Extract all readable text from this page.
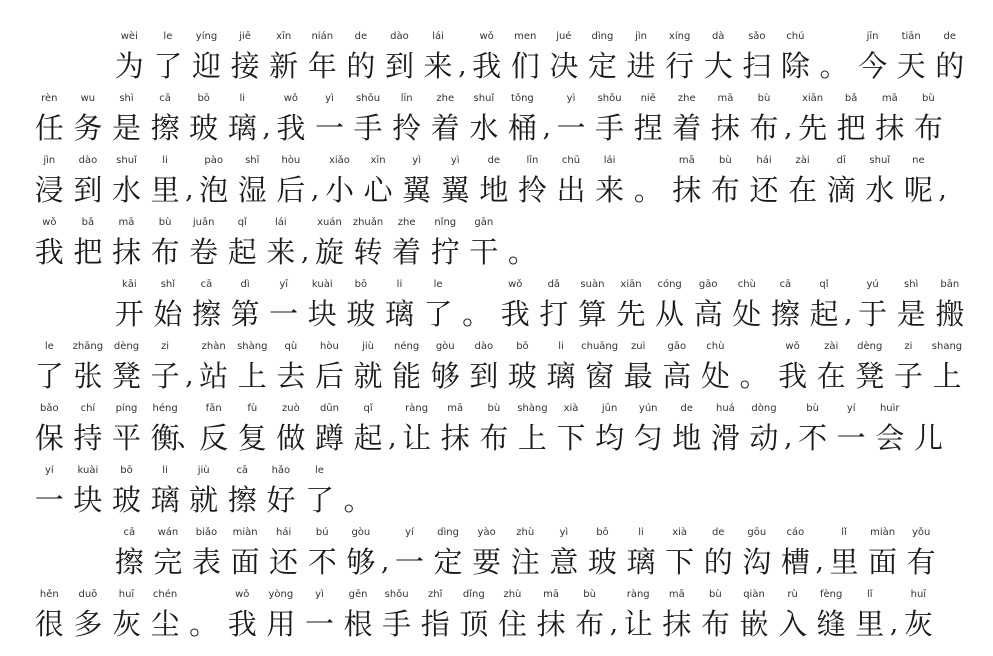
wèi
为
le
了
yíng
迎
jiē
接
xīn
新
nián
年
de
的
dào
到
lái
来 ,
wǒ
我
men
们
jué
决
dìng
定
jìn
进
xíng
行
dà
大
sǎo
扫
chú
除 。
jīn
今
tiān
天
de
的
rèn
任
wu
务
shì
是
cā
擦
bō
玻
li
璃 ,
wǒ
我
yì
一
shǒu
手
līn
拎
zhe
着
shuǐ
水
tǒng
桶 ,
yì
一
shǒu
手
niē
捏
zhe
着
mā
抹
bù
布 ,
xiān
先
bǎ
把
mā
抹
bù
布
jìn
浸
dào
到
shuǐ
水
li
里 ,
pào
泡
shī
湿
hòu
后 ,
xiǎo
小
xīn
心
yì
翼
yì
翼
de
地
līn
拎
chū
出
lái
来 。
mā
抹
bù
布
hái
还
zài
在
dī
滴
shuǐ
水
ne
呢 ,
wǒ
我
bǎ
把
mā
抹
bù
布
juǎn
卷
qǐ
起
lái
来 ,
xuán
旋
zhuǎn
转
zhe
着
nǐng
拧
gān
干 。
kāi
开
shǐ
始
cā
擦
dì
第
yī
一
kuài
块
bō
玻
li
璃
le
了 。
wǒ
我
dǎ
打
suàn
算
xiān
先
cóng
从
gāo
高
chù
处
cā
擦
qǐ
起 ,
yú
于
shì
是
bān
搬
le
了
zhāng
张
dèng
凳
zi
子 ,
zhàn
站
shàng
上
qù
去
hòu
后
jiù
就
néng
能
gòu
够
dào
到
bō
玻
li
璃
chuāng
窗
zuì
最
gāo
高
chù
处 。
wǒ
我
zài
在
dèng
凳
zi
子
shang
上
bǎo
保
chí
持
píng
平
héng
衡
、
fǎn
反
fù
复
zuò
做
dūn
蹲
qǐ
起 ,
ràng
让
mā
抹
bù
布
shàng
上
xià
下
jūn
均
yún
匀
de
地
huá
滑
dòng
动 ,
bù
不
yí
一
huìr
会 儿
yí
一
kuài
块
bō
玻
li
璃
jiù
就
cā
擦
hǎo
好
le
了 。
cā
擦
wán
完
biǎo
表
miàn
面
hái
还
bú
不
gòu
够 ,
yí
一
dìng
定
yào
要
zhù
注
yì
意
bō
玻
li
璃
xià
下
de
的
gōu
沟
cáo
槽 ,
lǐ
里
miàn
面
yǒu
有
hěn
很
duō
多
huī
灰
chén
尘 。
wǒ
我
yòng
用
yì
一
gēn
根
shǒu
手
zhǐ
指
dǐng
顶
zhù
住
mā
抹
bù
布 ,
ràng
让
mā
抹
bù
布
qiàn
嵌
rù
入
fèng
缝
lǐ
里 ,
huī
灰
